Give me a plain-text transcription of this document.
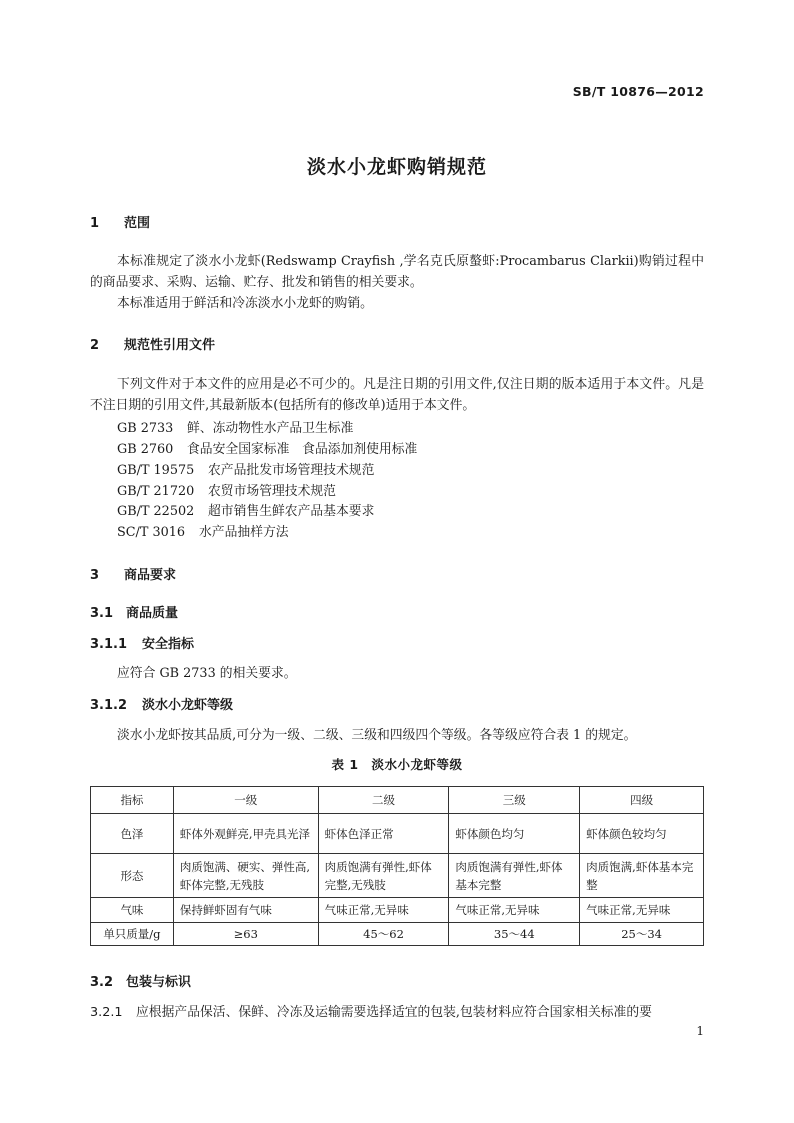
SB/T 10876—2012
淡水小龙虾购销规范
1 范围
本标准规定了淡水小龙虾(Redswamp Crayfish ,学名克氏原螯虾:Procambarus Clarkii)购销过程中的商品要求、采购、运输、贮存、批发和销售的相关要求。
本标准适用于鲜活和冷冻淡水小龙虾的购销。
2 规范性引用文件
下列文件对于本文件的应用是必不可少的。凡是注日期的引用文件,仅注日期的版本适用于本文件。凡是不注日期的引用文件,其最新版本(包括所有的修改单)适用于本文件。
GB 2733 鲜、冻动物性水产品卫生标准
GB 2760 食品安全国家标准　食品添加剂使用标准
GB/T 19575 农产品批发市场管理技术规范
GB/T 21720 农贸市场管理技术规范
GB/T 22502 超市销售生鲜农产品基本要求
SC/T 3016 水产品抽样方法
3 商品要求
3.1 商品质量
3.1.1 安全指标
应符合 GB 2733 的相关要求。
3.1.2 淡水小龙虾等级
淡水小龙虾按其品质,可分为一级、二级、三级和四级四个等级。各等级应符合表 1 的规定。
表 1　淡水小龙虾等级
指标	一级	二级	三级	四级
色泽	虾体外观鲜亮,甲壳具光泽	虾体色泽正常	虾体颜色均匀	虾体颜色较均匀
形态	肉质饱满、硬实、弹性高,虾体完整,无残肢	肉质饱满有弹性,虾体完整,无残肢	肉质饱满有弹性,虾体基本完整	肉质饱满,虾体基本完整
气味	保持鲜虾固有气味	气味正常,无异味	气味正常,无异味	气味正常,无异味
单只质量/g	≥63	45～62	35～44	25～34
3.2 包装与标识
3.2.1 应根据产品保活、保鲜、冷冻及运输需要选择适宜的包装,包装材料应符合国家相关标准的要
1
